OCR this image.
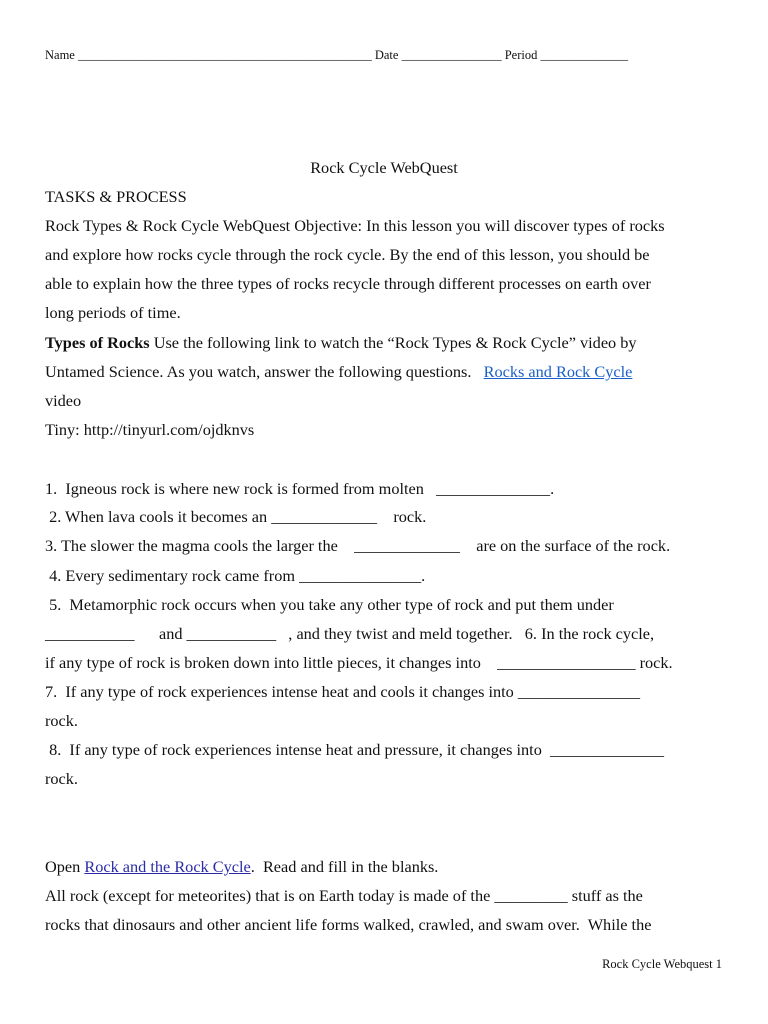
Name _______________________________________________ Date ________________ Period ______________
Rock Cycle WebQuest
TASKS & PROCESS
Rock Types & Rock Cycle WebQuest Objective: In this lesson you will discover types of rocks
and explore how rocks cycle through the rock cycle. By the end of this lesson, you should be
able to explain how the three types of rocks recycle through different processes on earth over
long periods of time.
Types of Rocks Use the following link to watch the “Rock Types & Rock Cycle” video by
Untamed Science. As you watch, answer the following questions.   Rocks and Rock Cycle
video
Tiny: http://tinyurl.com/ojdknvs
1.  Igneous rock is where new rock is formed from molten   ______________.
2. When lava cools it becomes an _____________    rock.
3. The slower the magma cools the larger the    _____________    are on the surface of the rock.
4. Every sedimentary rock came from _______________.
5.  Metamorphic rock occurs when you take any other type of rock and put them under
___________      and ___________   , and they twist and meld together.   6. In the rock cycle,
if any type of rock is broken down into little pieces, it changes into    _________________ rock.
7.  If any type of rock experiences intense heat and cools it changes into _______________
rock.
8.  If any type of rock experiences intense heat and pressure, it changes into  ______________
rock.
Open Rock and the Rock Cycle.  Read and fill in the blanks.
All rock (except for meteorites) that is on Earth today is made of the _________ stuff as the
rocks that dinosaurs and other ancient life forms walked, crawled, and swam over.  While the
Rock Cycle Webquest 1
